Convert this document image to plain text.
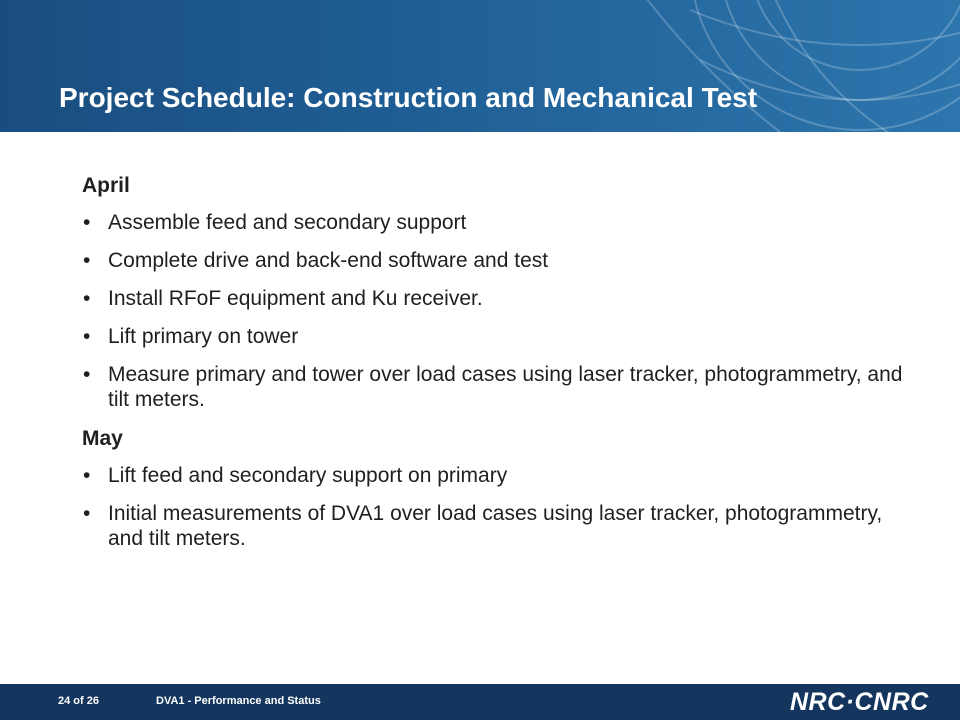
Project Schedule: Construction and Mechanical Test
April
• Assemble feed and secondary support
• Complete drive and back-end software and test
• Install RFoF equipment and Ku receiver.
• Lift primary on tower
• Measure primary and tower over load cases using laser tracker, photogrammetry, and tilt meters.
May
• Lift feed and secondary support on primary
• Initial measurements of DVA1 over load cases using laser tracker, photogrammetry, and tilt meters.
24 of 26	DVA1 - Performance and Status	NRC·CNRC
